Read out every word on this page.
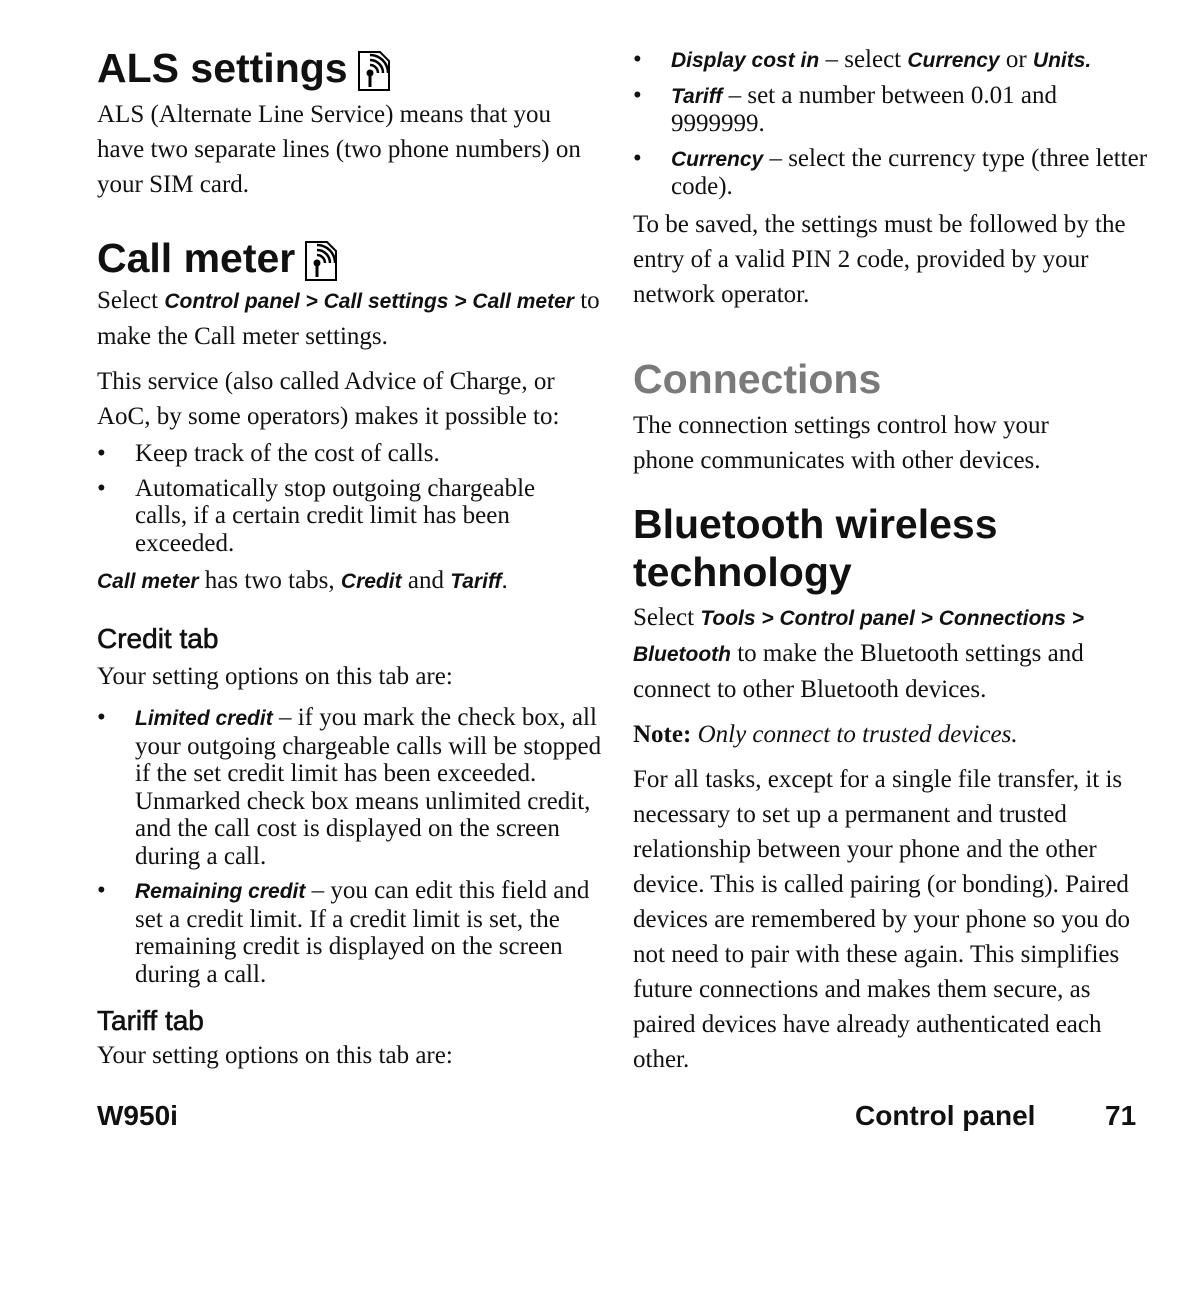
ALS settings
ALS (Alternate Line Service) means that you have two separate lines (two phone numbers) on your SIM card.
Call meter
Select Control panel > Call settings > Call meter to make the Call meter settings.
This service (also called Advice of Charge, or AoC, by some operators) makes it possible to:
• Keep track of the cost of calls.
• Automatically stop outgoing chargeable calls, if a certain credit limit has been exceeded.
Call meter has two tabs, Credit and Tariff.
Credit tab
Your setting options on this tab are:
• Limited credit – if you mark the check box, all your outgoing chargeable calls will be stopped if the set credit limit has been exceeded. Unmarked check box means unlimited credit, and the call cost is displayed on the screen during a call.
• Remaining credit – you can edit this field and set a credit limit. If a credit limit is set, the remaining credit is displayed on the screen during a call.
Tariff tab
Your setting options on this tab are:
• Display cost in – select Currency or Units.
• Tariff – set a number between 0.01 and 9999999.
• Currency – select the currency type (three letter code).
To be saved, the settings must be followed by the entry of a valid PIN 2 code, provided by your network operator.
Connections
The connection settings control how your phone communicates with other devices.
Bluetooth wireless technology
Select Tools > Control panel > Connections > Bluetooth to make the Bluetooth settings and connect to other Bluetooth devices.
Note: Only connect to trusted devices.
For all tasks, except for a single file transfer, it is necessary to set up a permanent and trusted relationship between your phone and the other device. This is called pairing (or bonding). Paired devices are remembered by your phone so you do not need to pair with these again. This simplifies future connections and makes them secure, as paired devices have already authenticated each other.
W950i	Control panel 71
